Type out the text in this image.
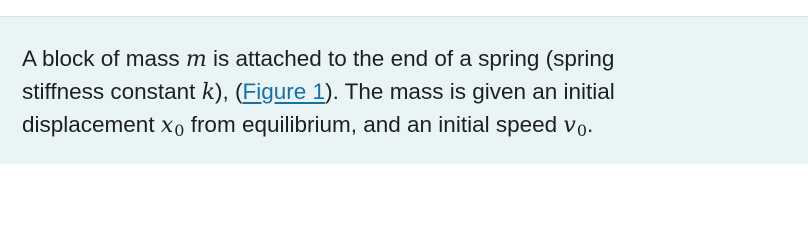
A block of mass m is attached to the end of a spring (spring
stiffness constant k), (Figure 1). The mass is given an initial
displacement x0 from equilibrium, and an initial speed v0.
